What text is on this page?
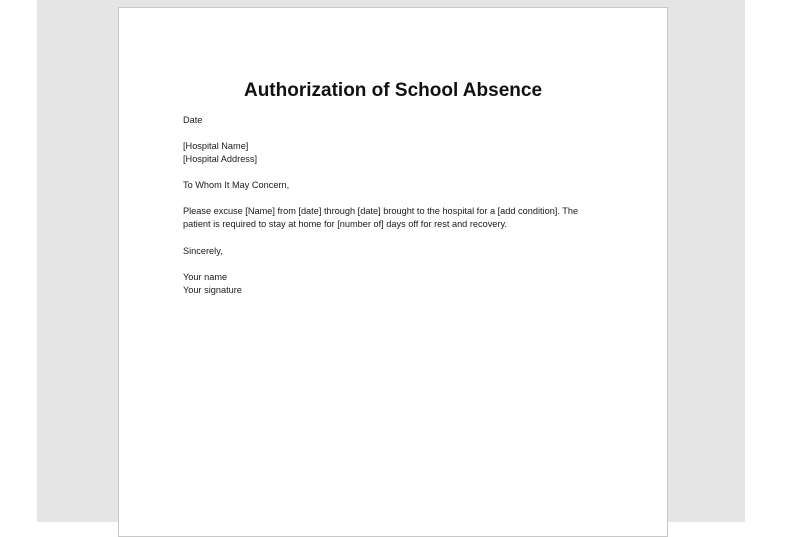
Authorization of School Absence

Date

[Hospital Name]

[Hospital Address]

To Whom It May Concern,

Please excuse [Name] from [date] through [date] brought to the hospital for a [add condition]. The

patient is required to stay at home for [number of] days off for rest and recovery.

Sincerely,

Your name

Your signature
